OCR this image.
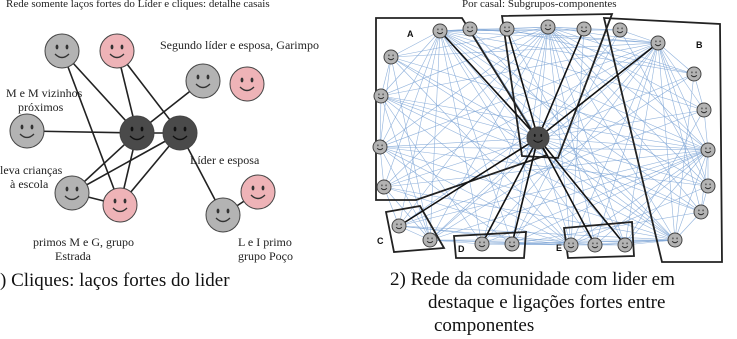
Rede somente laços fortes do Líder e cliques: detalhe casais
Segundo líder e esposa, Garimpo
M e M vizinhos
próximos
Líder e esposa
leva crianças
à escola
primos M e G, grupo
Estrada
L e I primo
grupo Poço
) Cliques: laços fortes do lider
Por casal: Subgrupos-componentes
A
B
C
D	E
2) Rede da comunidade com lider em
destaque e ligações fortes entre
componentes
